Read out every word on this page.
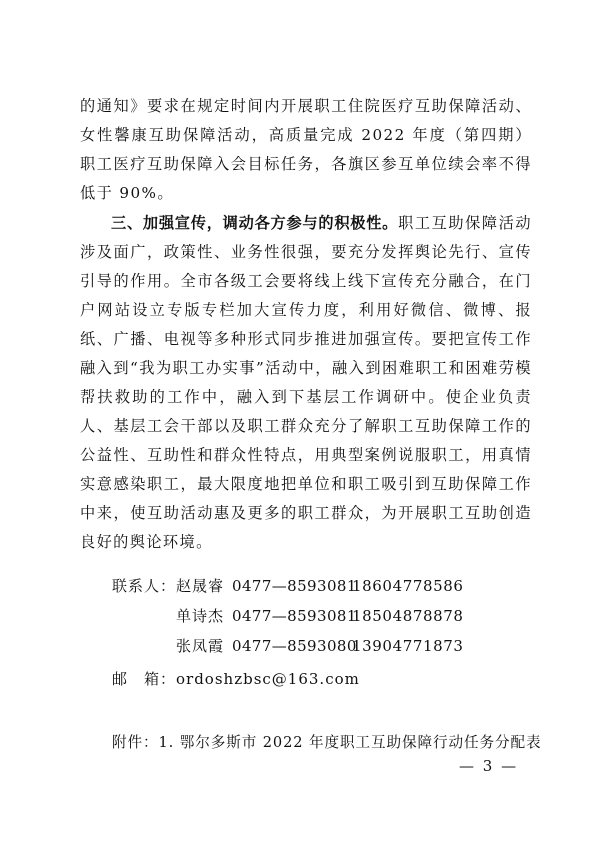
的通知》要求在规定时间内开展职工住院医疗互助保障活动、女性馨康互助保障活动，高质量完成 2022 年度（第四期）职工医疗互助保障入会目标任务，各旗区参互单位续会率不得低于 90%。
三、加强宣传，调动各方参与的积极性。职工互助保障活动涉及面广，政策性、业务性很强，要充分发挥舆论先行、宣传引导的作用。全市各级工会要将线上线下宣传充分融合，在门户网站设立专版专栏加大宣传力度，利用好微信、微博、报纸、广播、电视等多种形式同步推进加强宣传。要把宣传工作融入到“我为职工办实事”活动中，融入到困难职工和困难劳模帮扶救助的工作中，融入到下基层工作调研中。使企业负责人、基层工会干部以及职工群众充分了解职工互助保障工作的公益性、互助性和群众性特点，用典型案例说服职工，用真情实意感染职工，最大限度地把单位和职工吸引到互助保障工作中来，使互助活动惠及更多的职工群众，为开展职工互助创造良好的舆论环境。
联系人：赵晟睿 0477—859308118604778586
单诗杰 0477—859308118504878878
张凤霞 0477—859308013904771873
邮　箱：ordoshzbsc@163.com
附件：1. 鄂尔多斯市 2022 年度职工互助保障行动任务分配表
— 3 —
